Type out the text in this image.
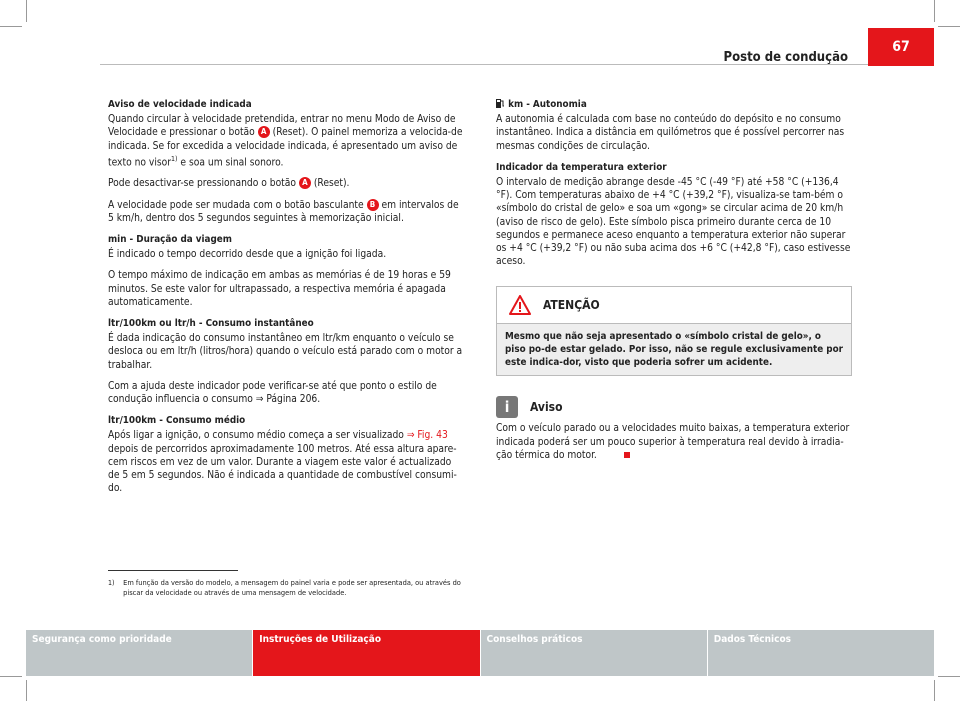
Posto de condução
67
Aviso de velocidade indicada

Quando circular à velocidade pretendida, entrar no menu Modo de Aviso de Velocidade e pressionar o botão A (Reset). O painel memoriza a velocida-de indicada. Se for excedida a velocidade indicada, é apresentado um aviso de texto no visor$^{1)}$ e soa um sinal sonoro.

Pode desactivar-se pressionando o botão A (Reset).

A velocidade pode ser mudada com o botão basculante B em intervalos de 5 km/h, dentro dos 5 segundos seguintes à memorização inicial.

min - Duração da viagem

É indicado o tempo decorrido desde que a ignição foi ligada.

O tempo máximo de indicação em ambas as memórias é de 19 horas e 59 minutos. Se este valor for ultrapassado, a respectiva memória é apagada automaticamente.

ltr/100km ou ltr/h - Consumo instantâneo

É dada indicação do consumo instantâneo em ltr/km enquanto o veículo se desloca ou em ltr/h (litros/hora) quando o veículo está parado com o motor a trabalhar.

Com a ajuda deste indicador pode verificar-se até que ponto o estilo de condução influencia o consumo ⇒ Página 206.

ltr/100km - Consumo médio

Após ligar a ignição, o consumo médio começa a ser visualizado ⇒ Fig. 43 depois de percorridos aproximadamente 100 metros. Até essa altura apare-cem riscos em vez de um valor. Durante a viagem este valor é actualizado de 5 em 5 segundos. Não é indicada a quantidade de combustível consumi-do.

km - Autonomia

A autonomia é calculada com base no conteúdo do depósito e no consumo instantâneo. Indica a distância em quilómetros que é possível percorrer nas mesmas condições de circulação.

Indicador da temperatura exterior

O intervalo de medição abrange desde -45 °C (-49 °F) até +58 °C (+136,4 °F). Com temperaturas abaixo de +4 °C (+39,2 °F), visualiza-se tam-bém o «símbolo do cristal de gelo» e soa um «gong» se circular acima de 20 km/h (aviso de risco de gelo). Este símbolo pisca primeiro durante cerca de 10 segundos e permanece aceso enquanto a temperatura exterior não superar os +4 °C (+39,2 °F) ou não suba acima dos +6 °C (+42,8 °F), caso estivesse aceso.

ATENÇÃO
Mesmo que não seja apresentado o «símbolo cristal de gelo», o piso po-de estar gelado. Por isso, não se regule exclusivamente por este indica-dor, visto que poderia sofrer um acidente.
i	Aviso

Com o veículo parado ou a velocidades muito baixas, a temperatura exterior indicada poderá ser um pouco superior à temperatura real devido à irradia-ção térmica do motor.

1)	Em função da versão do modelo, a mensagem do painel varia e pode ser apresentada, ou através do piscar da velocidade ou através de uma mensagem de velocidade.
Segurança como prioridade	Instruções de Utilização	Conselhos práticos	Dados Técnicos
